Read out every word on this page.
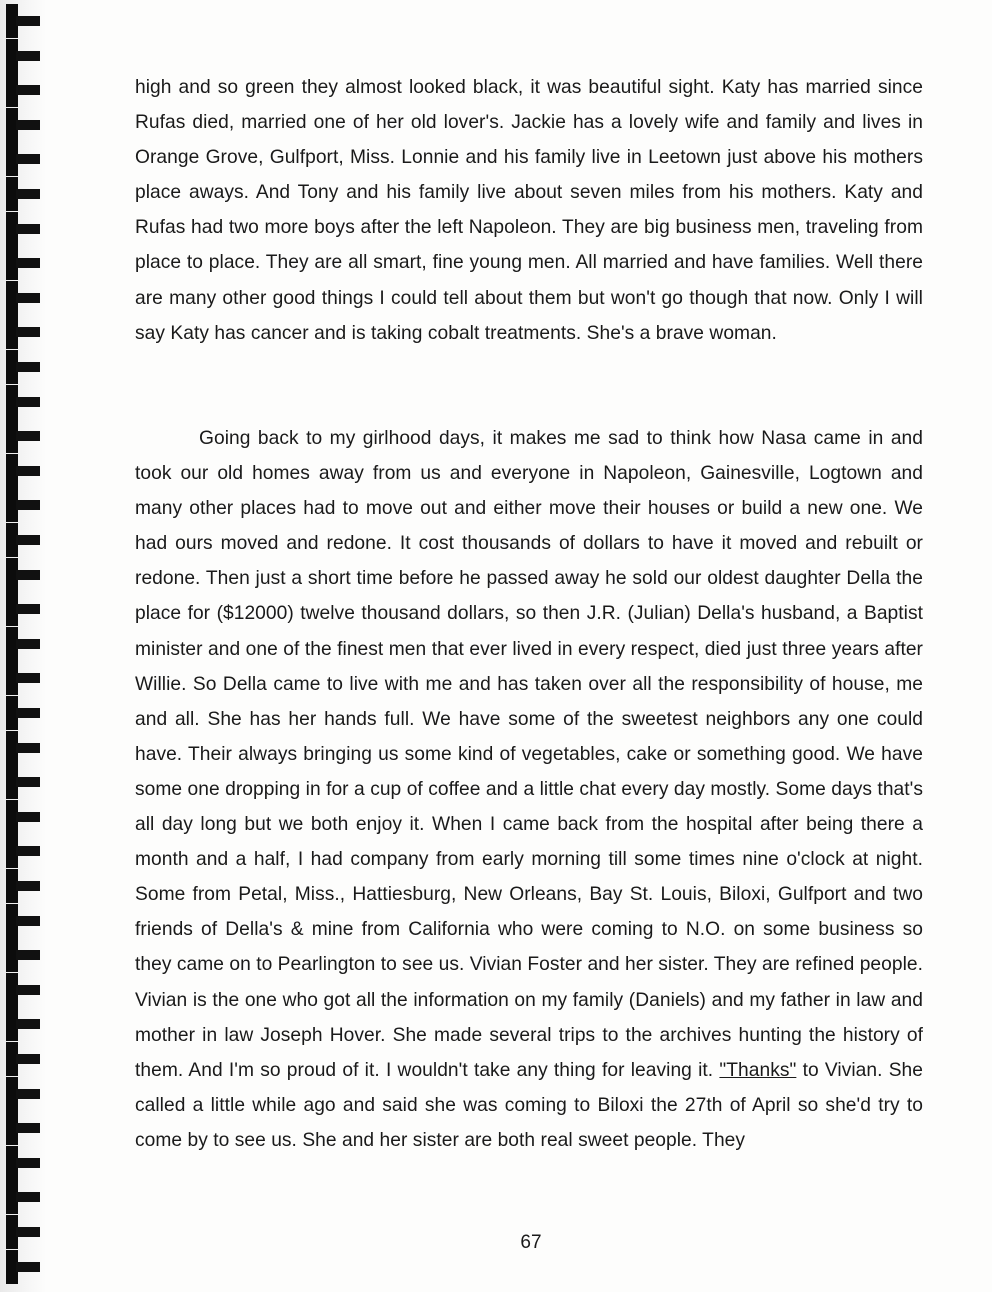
high and so green they almost looked black, it was beautiful sight. Katy has married since Rufas died, married one of her old lover's. Jackie has a lovely wife and family and lives in Orange Grove, Gulfport, Miss. Lonnie and his family live in Leetown just above his mothers place aways. And Tony and his family live about seven miles from his mothers. Katy and Rufas had two more boys after the left Napoleon. They are big business men, traveling from place to place. They are all smart, fine young men. All married and have families. Well there are many other good things I could tell about them but won't go though that now. Only I will say Katy has cancer and is taking cobalt treatments. She's a brave woman.

Going back to my girlhood days, it makes me sad to think how Nasa came in and took our old homes away from us and everyone in Napoleon, Gainesville, Logtown and many other places had to move out and either move their houses or build a new one. We had ours moved and redone. It cost thousands of dollars to have it moved and rebuilt or redone. Then just a short time before he passed away he sold our oldest daughter Della the place for ($12000) twelve thousand dollars, so then J.R. (Julian) Della's husband, a Baptist minister and one of the finest men that ever lived in every respect, died just three years after Willie. So Della came to live with me and has taken over all the responsibility of house, me and all. She has her hands full. We have some of the sweetest neighbors any one could have. Their always bringing us some kind of vegetables, cake or something good. We have some one dropping in for a cup of coffee and a little chat every day mostly. Some days that's all day long but we both enjoy it. When I came back from the hospital after being there a month and a half, I had company from early morning till some times nine o'clock at night. Some from Petal, Miss., Hattiesburg, New Orleans, Bay St. Louis, Biloxi, Gulfport and two friends of Della's & mine from California who were coming to N.O. on some business so they came on to Pearlington to see us. Vivian Foster and her sister. They are refined people. Vivian is the one who got all the information on my family (Daniels) and my father in law and mother in law Joseph Hover. She made several trips to the archives hunting the history of them. And I'm so proud of it. I wouldn't take any thing for leaving it. "Thanks" to Vivian. She called a little while ago and said she was coming to Biloxi the 27th of April so she'd try to come by to see us. She and her sister are both real sweet people. They

67
